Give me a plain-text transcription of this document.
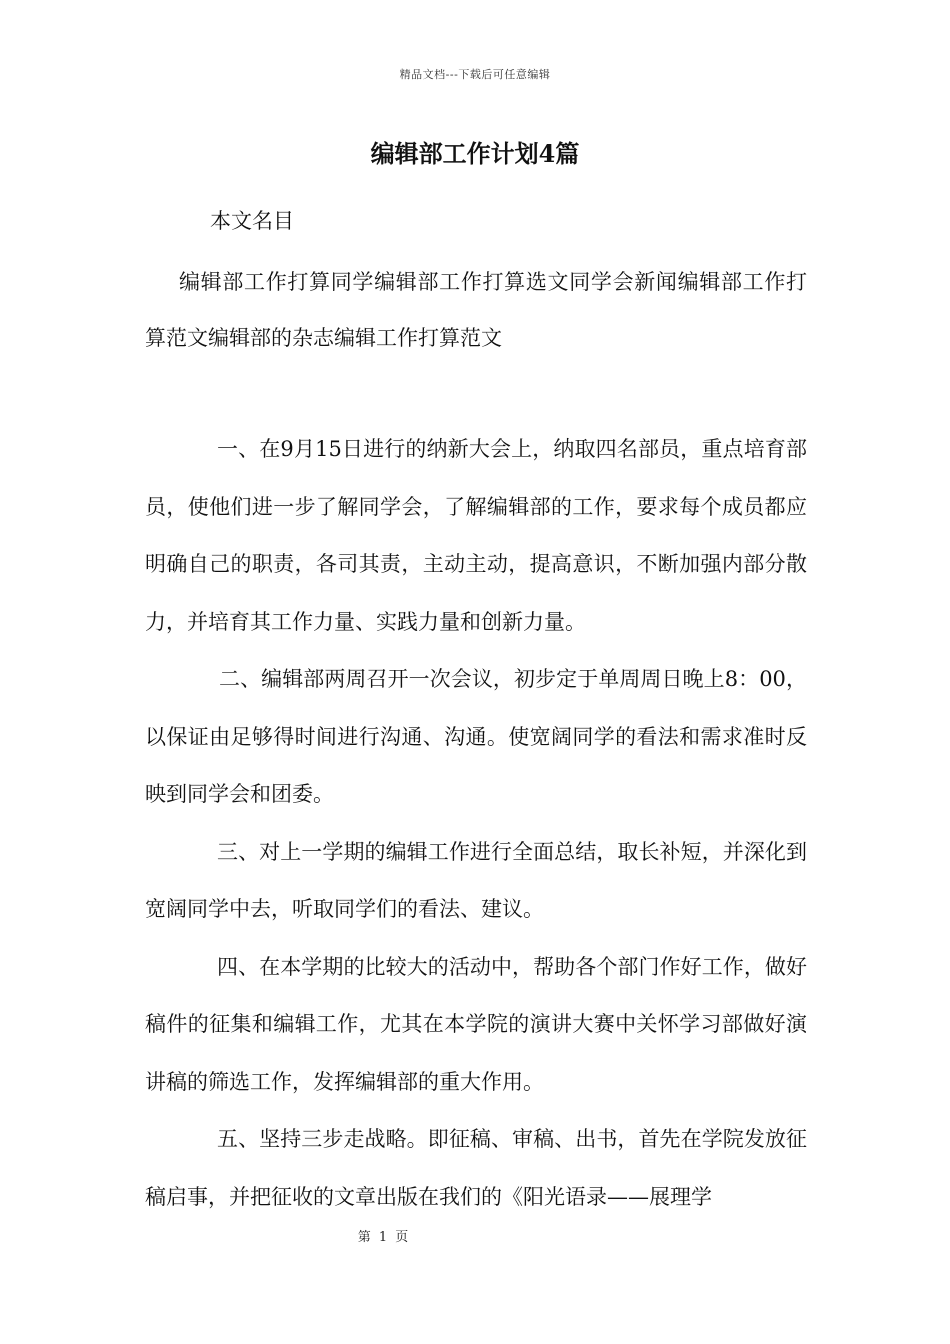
精品文档---下载后可任意编辑
编辑部工作计划4篇
本文名目
编辑部工作打算同学编辑部工作打算选文同学会新闻编辑部工作打算范文编辑部的杂志编辑工作打算范文

一、在9月15日进行的纳新大会上，纳取四名部员，重点培育部员，使他们进一步了解同学会，了解编辑部的工作，要求每个成员都应明确自己的职责，各司其责，主动主动，提高意识，不断加强内部分散力，并培育其工作力量、实践力量和创新力量。

二、编辑部两周召开一次会议，初步定于单周周日晚上8：00，以保证由足够得时间进行沟通、沟通。使宽阔同学的看法和需求准时反映到同学会和团委。

三、对上一学期的编辑工作进行全面总结，取长补短，并深化到宽阔同学中去，听取同学们的看法、建议。

四、在本学期的比较大的活动中，帮助各个部门作好工作，做好稿件的征集和编辑工作，尤其在本学院的演讲大赛中关怀学习部做好演讲稿的筛选工作，发挥编辑部的重大作用。

五、坚持三步走战略。即征稿、审稿、出书，首先在学院发放征稿启事，并把征收的文章出版在我们的《阳光语录——展理学

第 1 页
